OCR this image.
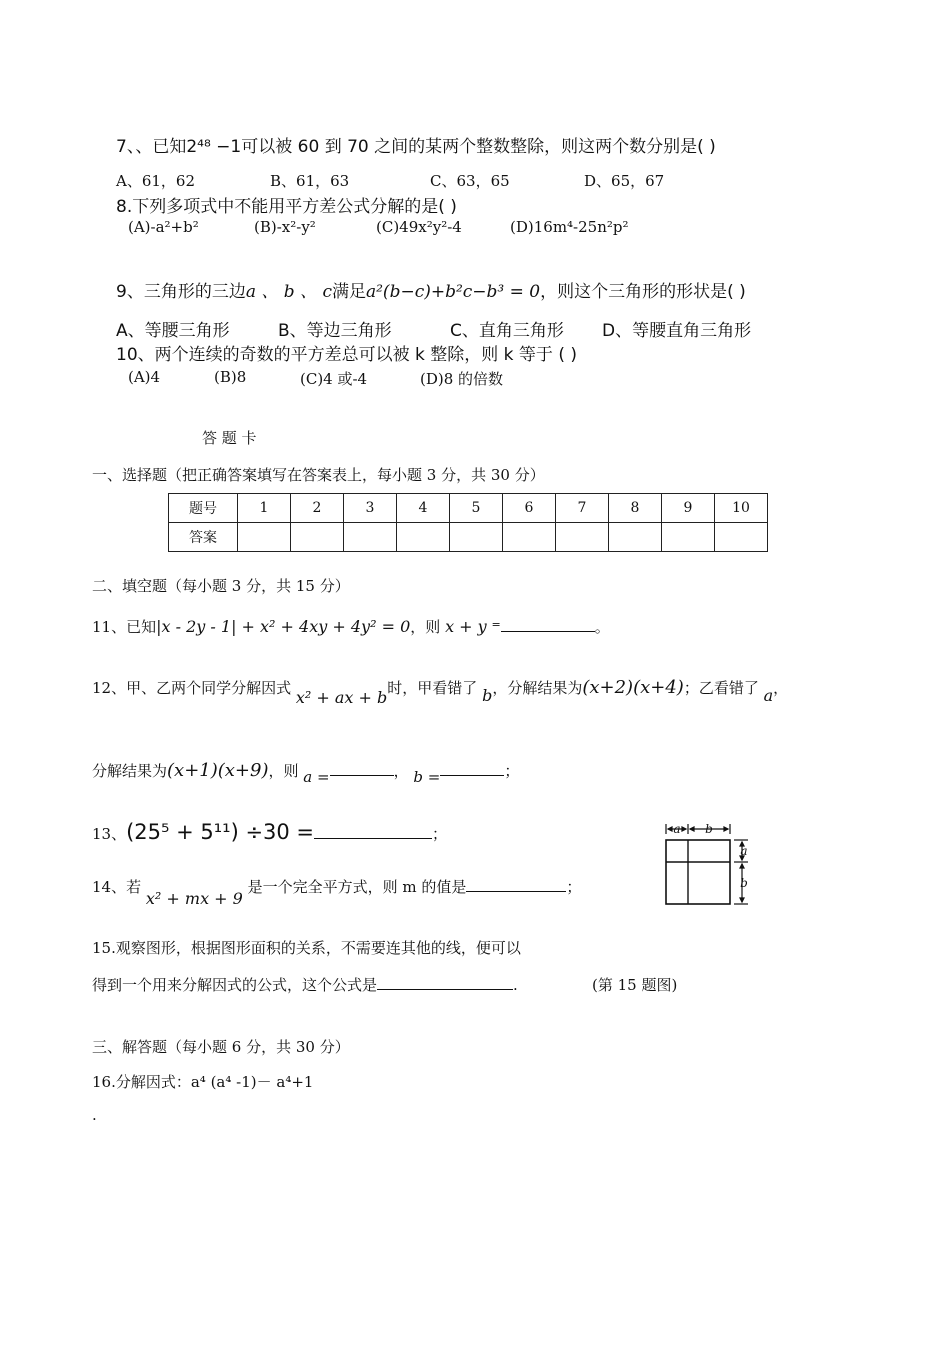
7、、已知2⁴⁸ −1可以被 60 到 70 之间的某两个整数整除，则这两个数分别是( )
A、61，62	B、61，63	C、63，65	D、65，67
8.下列多项式中不能用平方差公式分解的是( )
(A)-a²+b²	(B)-x²-y²	(C)49x²y²-4	(D)16m⁴-25n²p²
9、三角形的三边a 、 b 、 c满足a²(b−c)+b²c−b³ = 0，则这个三角形的形状是( )
A、等腰三角形	B、等边三角形	C、直角三角形 D、等腰直角三角形
10、两个连续的奇数的平方差总可以被 k 整除，则 k 等于 ( )
(A)4	(B)8	(C)4 或-4	(D)8 的倍数
答 题 卡
一、选择题（把正确答案填写在答案表上，每小题 3 分，共 30 分）
题号	1	2	3	4	5	6	7	8	9	10
答案										
二、填空题（每小题 3 分，共 15 分）
11、已知|x - 2y - 1| + x² + 4xy + 4y² = 0，则 x + y =	。
12、甲、乙两个同学分解因式 x² + ax + b时，甲看错了 b，分解结果为(x+2)(x+4)；乙看错了 a，
分解结果为(x+1)(x+9)，则 a =	， b =	；
13、(25⁵ + 5¹¹) ÷30 =	；
14、若 x² + mx + 9 是一个完全平方式，则 m 的值是	；
a b
a
b
15.观察图形，根据图形面积的关系，不需要连其他的线，便可以
得到一个用来分解因式的公式，这个公式是	.	(第 15 题图)
三、解答题（每小题 6 分，共 30 分）
16.分解因式：a⁴ (a⁴ -1)－ a⁴+1
.
